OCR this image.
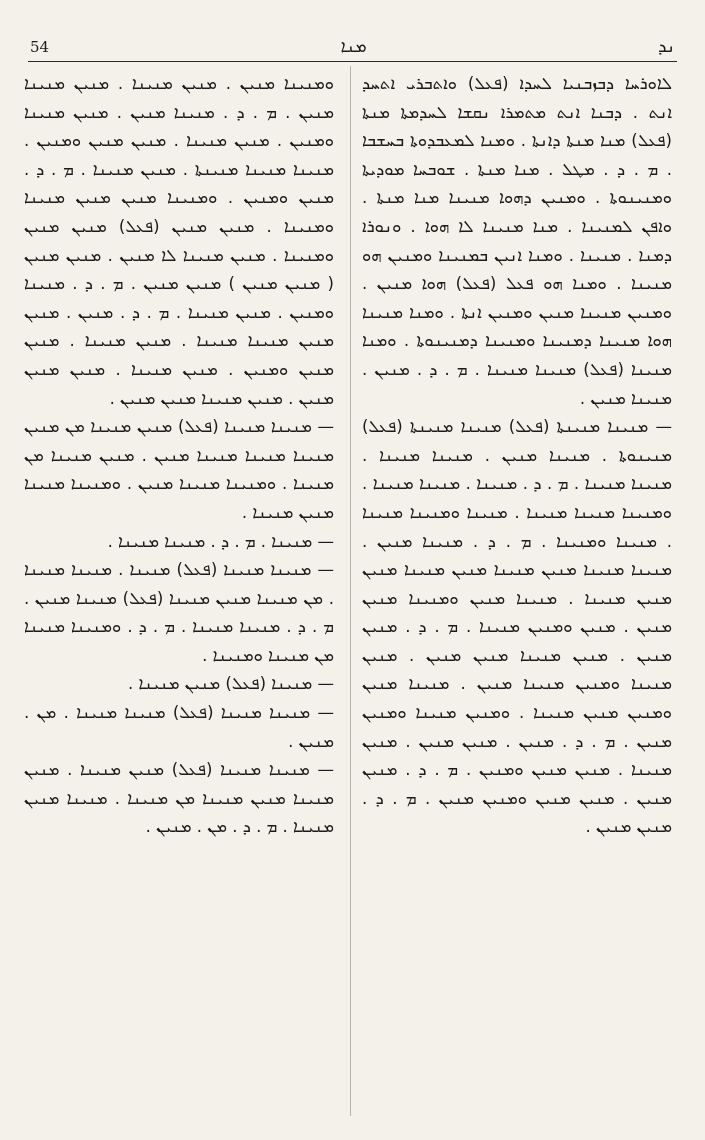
54	ܡܢܐ	ܢܕ

ܠܐܘܪܚܐ ܕܒܙܒܢܝܐ ܠܚܕܐ (ܦܥܠ) ܘܐܬܒܪܝ ܐܬܚܕ ܐܢܬ . ܕܒܢܐ ܐܢܬ ܡܬܡܪܐ ܢܩܫܐ ܠܚܕܡܬܐ ܡܢܬܐ (ܦܥܠ) ܡܢܐ ܡܢܬܐ ܕܐܢܬܐ . ܘܡܢܐ ܠܡܥܒܕܘܬܐ ܒܚܫܒܐ . ܡ . ܕ . ܡܛܠ . ܡܢܐ ܡܢܬܐ . ܫܘܒܚܐ ܡܘܕܝܬܐ ܘܡܢܝܢܘܬܐ . ܘܡܢܝܢ ܕܗܘܐ ܡܢܝܢܐ ܡܢܐ ܡܢܬܐ . ܘܐܦܢ ܠܡܢܝܢܐ . ܡܢܐ ܡܢܝܢܐ ܠܐ ܗܘܐ . ܘܢܘܪܐ ܕܡܢܐ . ܡܢܝܢܐ . ܘܡܢܐ ܐܢܝܢ ܒܡܢܝܢܐ ܘܡܢܝܢ ܗܘ ܡܢܝܢܐ . ܘܡܢܐ ܗܘ ܦܥܠ (ܦܥܠ) ܗܘܐ ܡܢܝܢ . ܘܡܢܝܢ ܡܢܝܢܐ ܡܢܝܢ ܘܡܢܝܢ ܐܢܬܐ . ܘܡܢܐ ܡܢܝܢܐ ܗܘܐ ܡܢܝܢܐ ܕܡܢܝܢܐ ܘܡܢܝܢܐ ܕܡܢܝܢܘܬܐ . ܘܡܢܐ ܡܢܝܢܐ (ܦܥܠ) ܡܢܝܢܐ ܡܢܝܢܐ . ܡ . ܕ . ܡܢܝܢ . ܡܢܝܢܐ ܡܢܝܢ .

— ܡܢܝܢܐ ܡܢܝܢܬܐ (ܦܥܠ) ܡܢܝܢܐ ܡܢܝܢܬܐ (ܦܥܠ) ܡܢܝܢܘܬܐ . ܡܢܝܢܐ ܡܢܝܢ . ܡܢܝܢܐ ܡܢܝܢܐ . ܡܢܝܢܐ ܡܢܝܢܐ . ܡ . ܕ . ܡܢܝܢܐ . ܡܢܝܢܐ ܡܢܝܢܐ . ܘܡܢܝܢܐ ܡܢܝܢܐ ܡܢܝܢܐ . ܡܢܝܢܐ ܘܡܢܝܢܐ ܡܢܝܢܐ . ܡܢܝܢܐ ܘܡܢܝܢܐ . ܡ . ܕ . ܡܢܝܢܐ ܡܢܝܢ . ܡܢܝܢܐ ܡܢܝܢܐ ܡܢܝܢ ܡܢܝܢܐ ܡܢܝܢ ܡܢܝܢܐ ܡܢܝܢ ܡܢܝܢ ܡܢܝܢܐ . ܡܢܝܢܐ ܡܢܝܢ ܘܡܢܝܢܐ ܡܢܝܢ ܡܢܝܢ . ܡܢܝܢ ܘܡܢܝܢ ܡܢܝܢܐ . ܡ . ܕ . ܡܢܝܢ ܡܢܝܢ . ܡܢܝܢ ܡܢܝܢܐ ܡܢܝܢ ܡܢܝܢ . ܡܢܝܢ ܡܢܝܢܐ ܘܡܢܝܢ ܡܢܝܢܐ ܡܢܝܢ . ܡܢܝܢܐ ܡܢܝܢ ܘܡܢܝܢ ܡܢܝܢ ܡܢܝܢܐ . ܘܡܢܝܢ ܡܢܝܢܐ ܘܡܢܝܢ ܡܢܝܢ . ܡ . ܕ . ܡܢܝܢ . ܡܢܝܢ ܡܢܝܢ . ܡܢܝܢ ܡܢܝܢܐ . ܡܢܝܢ ܡܢܝܢ ܘܡܢܝܢ . ܡ . ܕ . ܡܢܝܢ ܡܢܝܢ . ܡܢܝܢ ܡܢܝܢ ܘܡܢܝܢ ܡܢܝܢ . ܡ . ܕ . ܡܢܝܢ ܡܢܝܢ .

ܘܡܢܝܢܐ ܡܢܝܢ . ܡܢܝܢ ܡܢܝܢܐ . ܡܢܝܢ ܡܢܝܢܐ ܡܢܝܢ . ܡ . ܕ . ܡܢܝܢܐ ܡܢܝܢ . ܡܢܝܢ ܡܢܝܢܐ ܘܡܢܝܢ . ܡܢܝܢ ܡܢܝܢܐ . ܡܢܝܢ ܡܢܝܢ ܘܡܢܝܢ . ܡܢܝܢܐ ܡܢܝܢܐ ܡܢܝܢܬܐ . ܡܢܝܢ ܡܢܝܢܐ . ܡ . ܕ . ܡܢܝܢ ܘܡܢܝܢ . ܘܡܢܝܢܐ ܡܢܝܢ ܡܢܝܢ ܡܢܝܢܐ ܘܡܢܝܢܐ . ܡܢܝܢ ܡܢܝܢ (ܦܥܠ) ܡܢܝܢ ܡܢܝܢ ܘܡܢܝܢܐ . ܡܢܝܢ ܡܢܝܢܐ ܠܐ ܡܢܝܢ . ܡܢܝܢ ܡܢܝܢ ( ܡܢܝܢ ܡܢܝܢ ) ܡܢܝܢ ܡܢܝܢ . ܡ . ܕ . ܡܢܝܢܐ ܘܡܢܝܢ . ܡܢܝܢ ܡܢܝܢܐ . ܡ . ܕ . ܡܢܝܢ . ܡܢܝܢ ܡܢܝܢ ܡܢܝܢܐ ܡܢܝܢܐ . ܡܢܝܢ ܡܢܝܢܐ . ܡܢܝܢ ܡܢܝܢ ܘܡܢܝܢ . ܡܢܝܢ ܡܢܝܢܐ . ܡܢܝܢ ܡܢܝܢ ܡܢܝܢ . ܡܢܝܢ ܡܢܝܢܐ ܡܢܝܢ ܡܢܝܢ .

— ܡܢܝܢܐ ܡܢܝܢܐ (ܦܥܠ) ܡܢܝܢ ܡܢܝܢܐ ܡܢ ܡܢܝܢ ܡܢܝܢܐ ܡܢܝܢܐ ܡܢܝܢܐ ܡܢܝܢ . ܡܢܝܢ ܡܢܝܢܐ ܡܢ ܡܢܝܢܐ . ܘܡܢܝܢܐ ܡܢܝܢܐ ܡܢܝܢ . ܘܡܢܝܢܐ ܡܢܝܢܐ ܡܢܝܢ ܡܢܝܢܐ .

— ܡܢܝܢܐ . ܡ . ܕ . ܡܢܝܢܐ ܡܢܝܢܐ .

— ܡܢܝܢܐ ܡܢܝܢܐ (ܦܥܠ) ܡܢܝܢܐ . ܡܢܝܢܐ ܡܢܝܢܐ . ܡܢ ܡܢܝܢܐ ܡܢܝܢ ܡܢܝܢܐ (ܦܥܠ) ܡܢܝܢܐ ܡܢܝܢ . ܡ . ܕ . ܡܢܝܢܐ ܡܢܝܢܐ . ܡ . ܕ . ܘܡܢܝܢܐ ܡܢܝܢܐ ܡܢ ܡܢܝܢܐ ܘܡܢܝܢܐ .

— ܡܢܝܢܐ (ܦܥܠ) ܡܢܝܢ ܡܢܝܢܐ .

— ܡܢܝܢܐ ܡܢܝܢܐ (ܦܥܠ) ܡܢܝܢܐ ܡܢܝܢܐ . ܡܢ . ܡܢܝܢ .

— ܡܢܝܢܐ ܡܢܝܢܐ (ܦܥܠ) ܡܢܝܢ ܡܢܝܢܐ . ܡܢܝܢ ܡܢܝܢܐ ܡܢܝܢ ܡܢܝܢܐ ܡܢ ܡܢܝܢܐ . ܡܢܝܢܐ ܡܢܝܢ ܡܢܝܢܐ . ܡ . ܕ . ܡܢ . ܡܢܝܢ .
